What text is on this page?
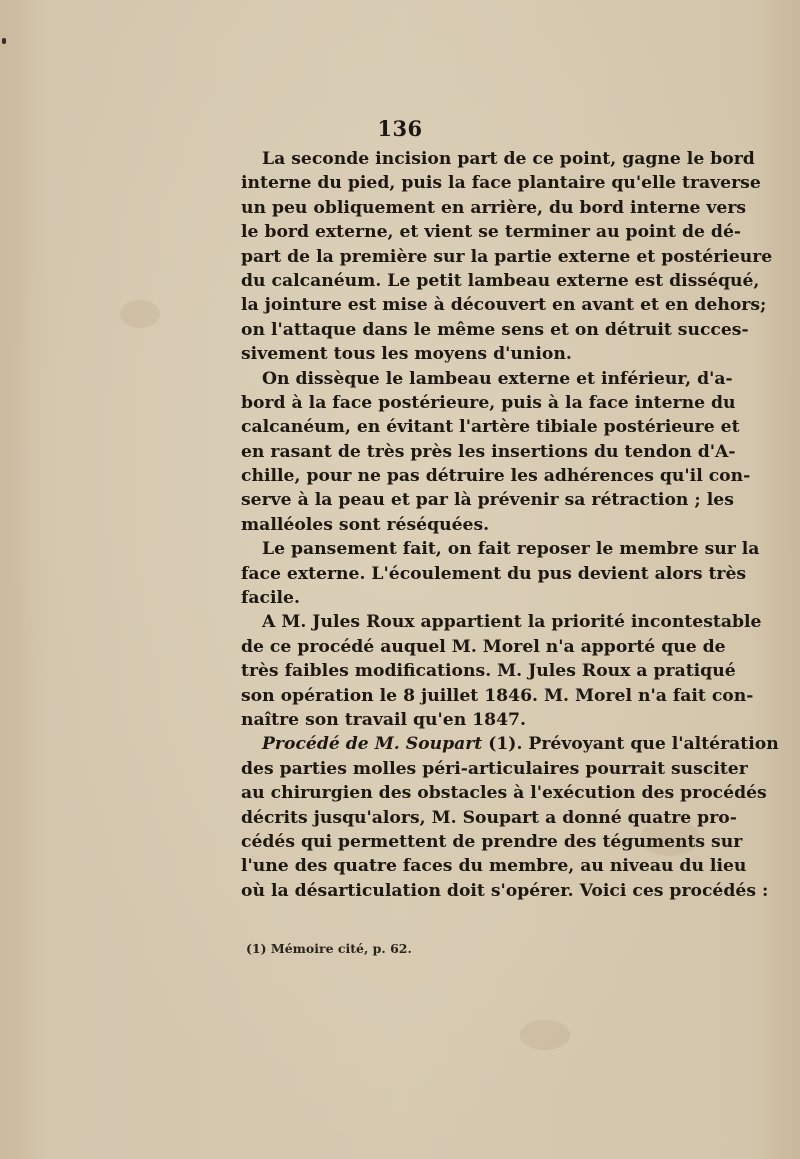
136
La seconde incision part de ce point, gagne le bord
interne du pied, puis la face plantaire qu'elle traverse
un peu obliquement en arrière, du bord interne vers
le bord externe, et vient se terminer au point de dé-
part de la première sur la partie externe et postérieure
du calcanéum. Le petit lambeau externe est disséqué,
la jointure est mise à découvert en avant et en dehors;
on l'attaque dans le même sens et on détruit succes-
sivement tous les moyens d'union.
On dissèque le lambeau externe et inférieur, d'a-
bord à la face postérieure, puis à la face interne du
calcanéum, en évitant l'artère tibiale postérieure et
en rasant de très près les insertions du tendon d'A-
chille, pour ne pas détruire les adhérences qu'il con-
serve à la peau et par là prévenir sa rétraction ; les
malléoles sont réséquées.
Le pansement fait, on fait reposer le membre sur la
face externe. L'écoulement du pus devient alors très
facile.
A M. Jules Roux appartient la priorité incontestable
de ce procédé auquel M. Morel n'a apporté que de
très faibles modifications. M. Jules Roux a pratiqué
son opération le 8 juillet 1846. M. Morel n'a fait con-
naître son travail qu'en 1847.
Procédé de M. Soupart (1). Prévoyant que l'altération
des parties molles péri-articulaires pourrait susciter
au chirurgien des obstacles à l'exécution des procédés
décrits jusqu'alors, M. Soupart a donné quatre pro-
cédés qui permettent de prendre des téguments sur
l'une des quatre faces du membre, au niveau du lieu
où la désarticulation doit s'opérer. Voici ces procédés :
(1) Mémoire cité, p. 62.
